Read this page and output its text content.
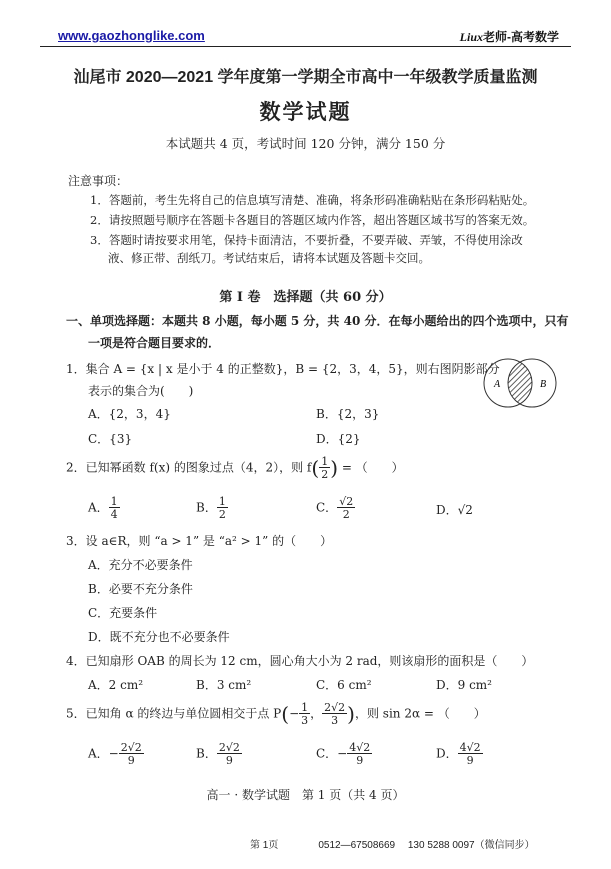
www.gaozhonglike.com	Liux老师-高考数学
汕尾市 2020—2021 学年度第一学期全市高中一年级教学质量监测
数学试题
本试题共 4 页，考试时间 120 分钟，满分 150 分
注意事项：
1．答题前，考生先将自己的信息填写清楚、准确，将条形码准确粘贴在条形码粘贴处。
2．请按照题号顺序在答题卡各题目的答题区域内作答，超出答题区域书写的答案无效。
3．答题时请按要求用笔，保持卡面清洁，不要折叠，不要弄破、弄皱，不得使用涂改
液、修正带、刮纸刀。考试结束后，请将本试题及答题卡交回。
第 Ⅰ 卷　选择题（共 60 分）
一、单项选择题：本题共 8 小题，每小题 5 分，共 40 分．在每小题给出的四个选项中，只有
一项是符合题目要求的．
1．集合 A = {x | x 是小于 4 的正整数}，B = {2，3，4，5}，则右图阴影部分
表示的集合为(　　)
A．{2，3，4}	B．{2，3}
C．{3}	D．{2}
A	B
2．已知幂函数 f(x) 的图象过点（4，2），则 $f( \frac{1}{2}$ ) = （　　）
A． $\frac{1}{4}$	B． $\frac{1}{2}$	C． $\frac{√2}{2}$	D．√2
3．设 a∈R，则 “a > 1” 是 “a² > 1” 的（　　）
A．充分不必要条件
B．必要不充分条件
C．充要条件
D．既不充分也不必要条件
4．已知扇形 OAB 的周长为 12 cm，圆心角大小为 2 rad，则该扇形的面积是（　　）
A．2 cm²	B．3 cm²	C．6 cm²	D．9 cm²
5．已知角 α 的终边与单位圆相交于点 $P(- \frac{1}{3}$ ， $\frac{2√2}{3}$ )，则 sin 2α = （　　）
A．− $\frac{2√2}{9}$	B． $\frac{2√2}{9}$	C．− $\frac{4√2}{9}$	D． $\frac{4√2}{9}$
高一 · 数学试题　第 1 页（共 4 页）
第 1页　　　　0512—67508669　 130 5288 0097（微信同步）
